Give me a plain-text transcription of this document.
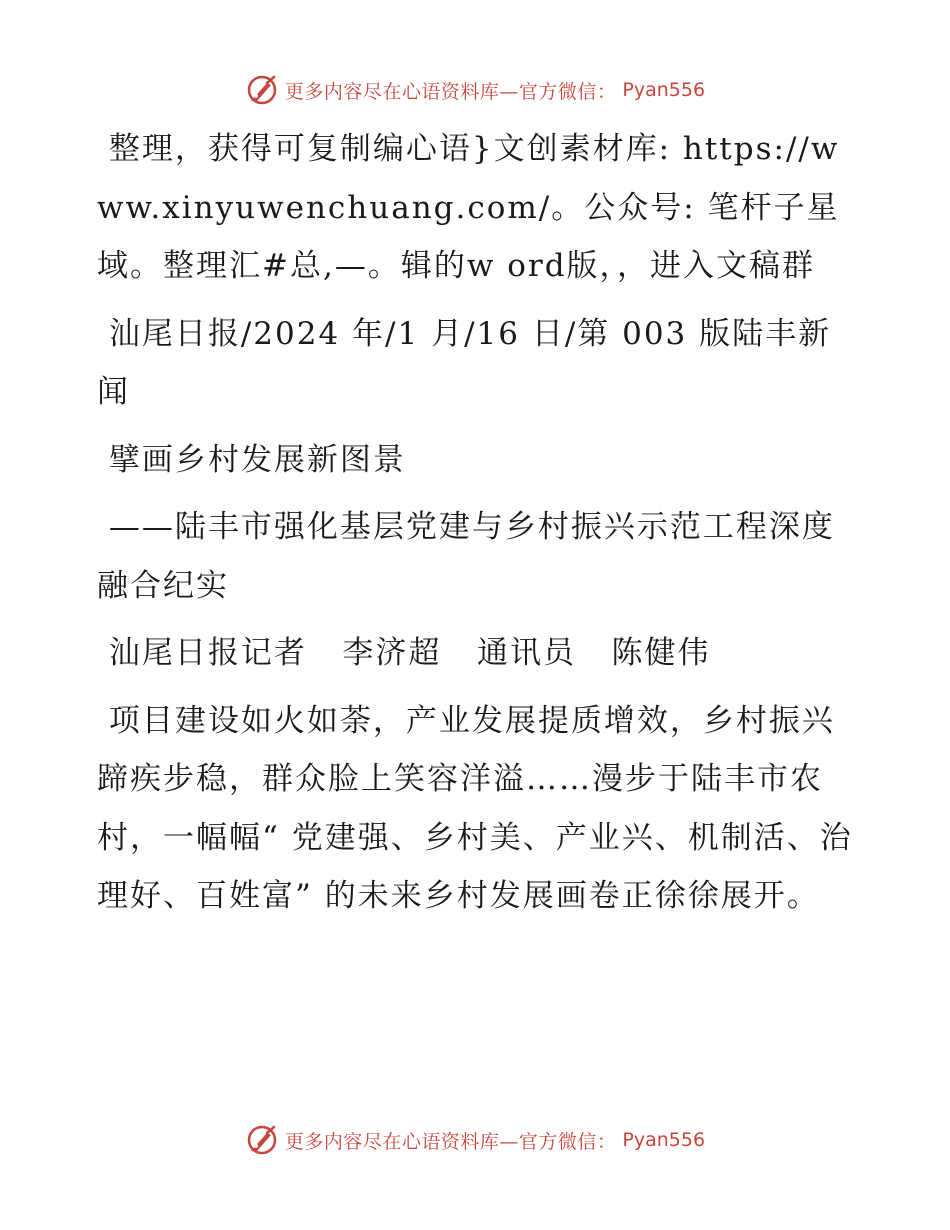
更多内容尽在心语资料库—官方微信： Pyan556

整理，获得可复制编心语}文创素材库: https://www.xinyuwenchuang.com/。公众号: 笔杆子星域。整理汇#总,—。辑的w ord版，，进入文稿群

汕尾日报/2024 年/1 月/16 日/第 003 版陆丰新闻

擘画乡村发展新图景

——陆丰市强化基层党建与乡村振兴示范工程深度融合纪实

汕尾日报记者   李济超   通讯员   陈健伟

项目建设如火如荼，产业发展提质增效，乡村振兴蹄疾步稳，群众脸上笑容洋溢……漫步于陆丰市农村，一幅幅“ 党建强、乡村美、产业兴、机制活、治理好、百姓富” 的未来乡村发展画卷正徐徐展开。

更多内容尽在心语资料库—官方微信： Pyan556
